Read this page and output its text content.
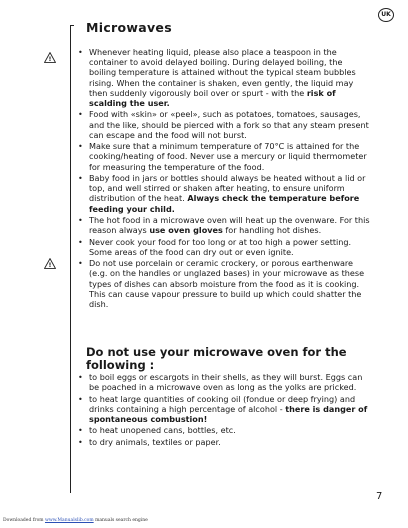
UK
Microwaves
!
!
• Whenever heating liquid, please also place a teaspoon in the container to avoid delayed boiling. During delayed boiling, the boiling temperature is attained without the typical steam bubbles rising. When the container is shaken, even gently, the liquid may then suddenly vigorously boil over or spurt - with the risk of scalding the user.
• Food with «skin» or «peel», such as potatoes, tomatoes, sausages, and the like, should be pierced with a fork so that any steam present can escape and the food will not burst.
• Make sure that a minimum temperature of 70°C is attained for the cooking/heating of food. Never use a mercury or liquid thermometer for measuring the temperature of the food.
• Baby food in jars or bottles should always be heated without a lid or top, and well stirred or shaken after heating, to ensure uniform distribution of the heat. Always check the temperature before feeding your child.
• The hot food in a microwave oven will heat up the ovenware. For this reason always use oven gloves for handling hot dishes.
• Never cook your food for too long or at too high a power setting. Some areas of the food can dry out or even ignite.
• Do not use porcelain or ceramic crockery, or porous earthenware (e.g. on the handles or unglazed bases) in your microwave as these types of dishes can absorb moisture from the food as it is cooking. This can cause vapour pressure to build up which could shatter the dish.
Do not use your microwave oven for the following :
• to boil eggs or escargots in their shells, as they will burst. Eggs can be poached in a microwave oven as long as the yolks are pricked.
• to heat large quantities of cooking oil (fondue or deep frying) and drinks containing a high percentage of alcohol - there is danger of spontaneous combustion!
• to heat unopened cans, bottles, etc.
• to dry animals, textiles or paper.
7
Downloaded from www.Manualslib.com manuals search engine
